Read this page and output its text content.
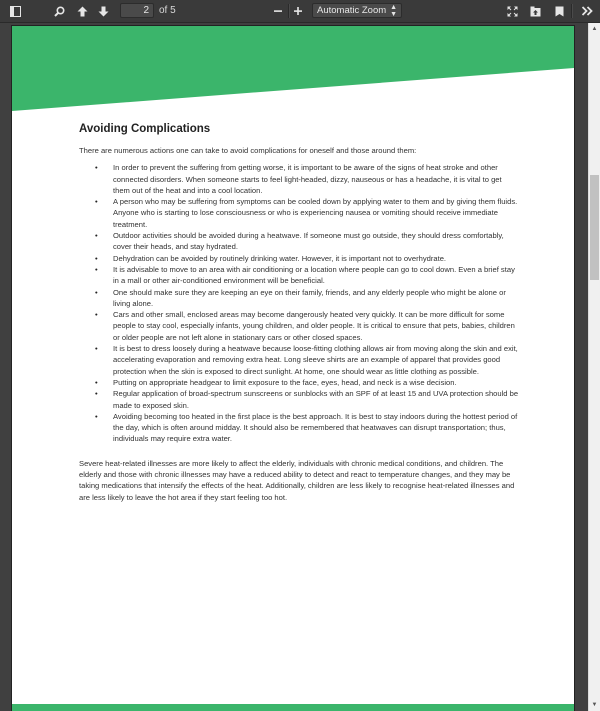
2
of 5	Automatic Zoom ▲
▼
Avoiding Complications
There are numerous actions one can take to avoid complications for oneself and those around them:
• In order to prevent the suffering from getting worse, it is important to be aware of the signs of heat stroke and other connected disorders. When someone starts to feel light-headed, dizzy, nauseous or has a headache, it is vital to get them out of the heat and into a cool location.
• A person who may be suffering from symptoms can be cooled down by applying water to them and by giving them fluids. Anyone who is starting to lose consciousness or who is experiencing nausea or vomiting should receive immediate treatment.
• Outdoor activities should be avoided during a heatwave. If someone must go outside, they should dress comfortably, cover their heads, and stay hydrated.
• Dehydration can be avoided by routinely drinking water. However, it is important not to overhydrate.
• It is advisable to move to an area with air conditioning or a location where people can go to cool down. Even a brief stay in a mall or other air-conditioned environment will be beneficial.
• One should make sure they are keeping an eye on their family, friends, and any elderly people who might be alone or living alone.
• Cars and other small, enclosed areas may become dangerously heated very quickly. It can be more difficult for some people to stay cool, especially infants, young children, and older people. It is critical to ensure that pets, babies, children or older people are not left alone in stationary cars or other closed spaces.
• It is best to dress loosely during a heatwave because loose-fitting clothing allows air from moving along the skin and exit, accelerating evaporation and removing extra heat. Long sleeve shirts are an example of apparel that provides good protection when the skin is exposed to direct sunlight. At home, one should wear as little clothing as possible.
• Putting on appropriate headgear to limit exposure to the face, eyes, head, and neck is a wise decision.
• Regular application of broad-spectrum sunscreens or sunblocks with an SPF of at least 15 and UVA protection should be made to exposed skin.
• Avoiding becoming too heated in the first place is the best approach. It is best to stay indoors during the hottest period of the day, which is often around midday. It should also be remembered that heatwaves can disrupt transportation; thus, individuals may require extra water.
Severe heat-related illnesses are more likely to affect the elderly, individuals with chronic medical conditions, and children. The elderly and those with chronic illnesses may have a reduced ability to detect and react to temperature changes, and they may be taking medications that intensify the effects of the heat. Additionally, children are less likely to recognise heat-related illnesses and are less likely to leave the hot area if they start feeling too hot.
▲
▼
